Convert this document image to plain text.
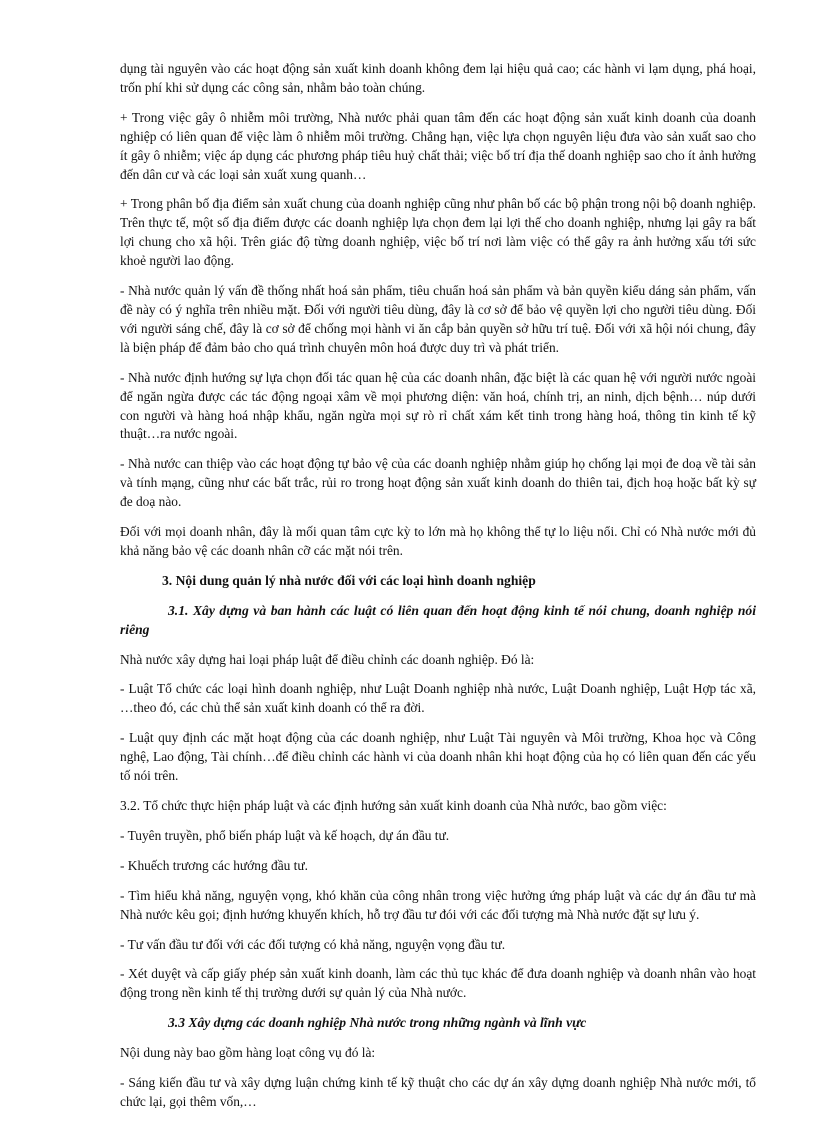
dụng tài nguyên vào các hoạt động sản xuất kinh doanh không đem lại hiệu quả cao; các hành vi lạm dụng, phá hoại, trốn phí khi sử dụng các công sản, nhằm bảo toàn chúng.

+ Trong việc gây ô nhiễm môi trường, Nhà nước phải quan tâm đến các hoạt động sản xuất kinh doanh của doanh nghiệp có liên quan để việc làm ô nhiễm môi trường. Chẳng hạn, việc lựa chọn nguyên liệu đưa vào sản xuất sao cho ít gây ô nhiễm; việc áp dụng các phương pháp tiêu huỷ chất thải; việc bố trí địa thế doanh nghiệp sao cho ít ảnh hưởng đến dân cư và các loại sản xuất xung quanh…

+ Trong phân bố địa điểm sản xuất chung của doanh nghiệp cũng như phân bố các bộ phận trong nội bộ doanh nghiệp. Trên thực tế, một số địa điểm được các doanh nghiệp lựa chọn đem lại lợi thế cho doanh nghiệp, nhưng lại gây ra bất lợi chung cho xã hội. Trên giác độ từng doanh nghiệp, việc bố trí nơi làm việc có thể gây ra ảnh hưởng xấu tới sức khoẻ người lao động.

- Nhà nước quản lý vấn đề thống nhất hoá sản phẩm, tiêu chuẩn hoá sản phẩm và bản quyền kiểu dáng sản phẩm, vấn đề này có ý nghĩa trên nhiều mặt. Đối với người tiêu dùng, đây là cơ sở để bảo vệ quyền lợi cho người tiêu dùng. Đối với người sáng chế, đây là cơ sở để chống mọi hành vi ăn cắp bản quyền sở hữu trí tuệ. Đối với xã hội nói chung, đây là biện pháp để đảm bảo cho quá trình chuyên môn hoá được duy trì và phát triển.

- Nhà nước định hướng sự lựa chọn đối tác quan hệ của các doanh nhân, đặc biệt là các quan hệ với người nước ngoài để ngăn ngừa được các tác động ngoại xâm về mọi phương diện: văn hoá, chính trị, an ninh, dịch bệnh… núp dưới con người và hàng hoá nhập khẩu, ngăn ngừa mọi sự rò rỉ chất xám kết tinh trong hàng hoá, thông tin kinh tế kỹ thuật…ra nước ngoài.

- Nhà nước can thiệp vào các hoạt động tự bảo vệ của các doanh nghiệp nhằm giúp họ chống lại mọi đe doạ về tài sản và tính mạng, cũng như các bất trắc, rủi ro trong hoạt động sản xuất kinh doanh do thiên tai, địch hoạ hoặc bất kỳ sự đe doạ nào.

Đối với mọi doanh nhân, đây là mối quan tâm cực kỳ to lớn mà họ không thể tự lo liệu nổi. Chỉ có Nhà nước mới đủ khả năng bảo vệ các doanh nhân cỡ các mặt nói trên.

3. Nội dung quản lý nhà nước đối với các loại hình doanh nghiệp

3.1. Xây dựng và ban hành các luật có liên quan đến hoạt động kinh tế nói chung, doanh nghiệp nói riêng

Nhà nước xây dựng hai loại pháp luật để điều chỉnh các doanh nghiệp. Đó là:

- Luật Tổ chức các loại hình doanh nghiệp, như Luật Doanh nghiệp nhà nước, Luật Doanh nghiệp, Luật Hợp tác xã, …theo đó, các chủ thể sản xuất kinh doanh có thể ra đời.

- Luật quy định các mặt hoạt động của các doanh nghiệp, như Luật Tài nguyên và Môi trường, Khoa học và Công nghệ, Lao động, Tài chính…để điều chỉnh các hành vi của doanh nhân khi hoạt động của họ có liên quan đến các yếu tố nói trên.

3.2. Tổ chức thực hiện pháp luật và các định hướng sản xuất kinh doanh của Nhà nước, bao gồm việc:

- Tuyên truyền, phổ biến pháp luật và kế hoạch, dự án đầu tư.

- Khuếch trương các hướng đầu tư.

- Tìm hiểu khả năng, nguyện vọng, khó khăn của công nhân trong việc hưởng ứng pháp luật và các dự án đầu tư mà Nhà nước kêu gọi; định hướng khuyến khích, hỗ trợ đầu tư đói với các đối tượng mà Nhà nước đặt sự lưu ý.

- Tư vấn đầu tư đối với các đối tượng có khả năng, nguyện vọng đầu tư.

- Xét duyệt và cấp giấy phép sản xuất kinh doanh, làm các thủ tục khác để đưa doanh nghiệp và doanh nhân vào hoạt động trong nền kinh tế thị trường dưới sự quản lý của Nhà nước.

3.3 Xây dựng các doanh nghiệp Nhà nước trong những ngành và lĩnh vực

Nội dung này bao gồm hàng loạt công vụ đó là:

- Sáng kiến đầu tư và xây dựng luận chứng kinh tế kỹ thuật cho các dự án xây dựng doanh nghiệp Nhà nước mới, tổ chức lại, gọi thêm vốn,…
